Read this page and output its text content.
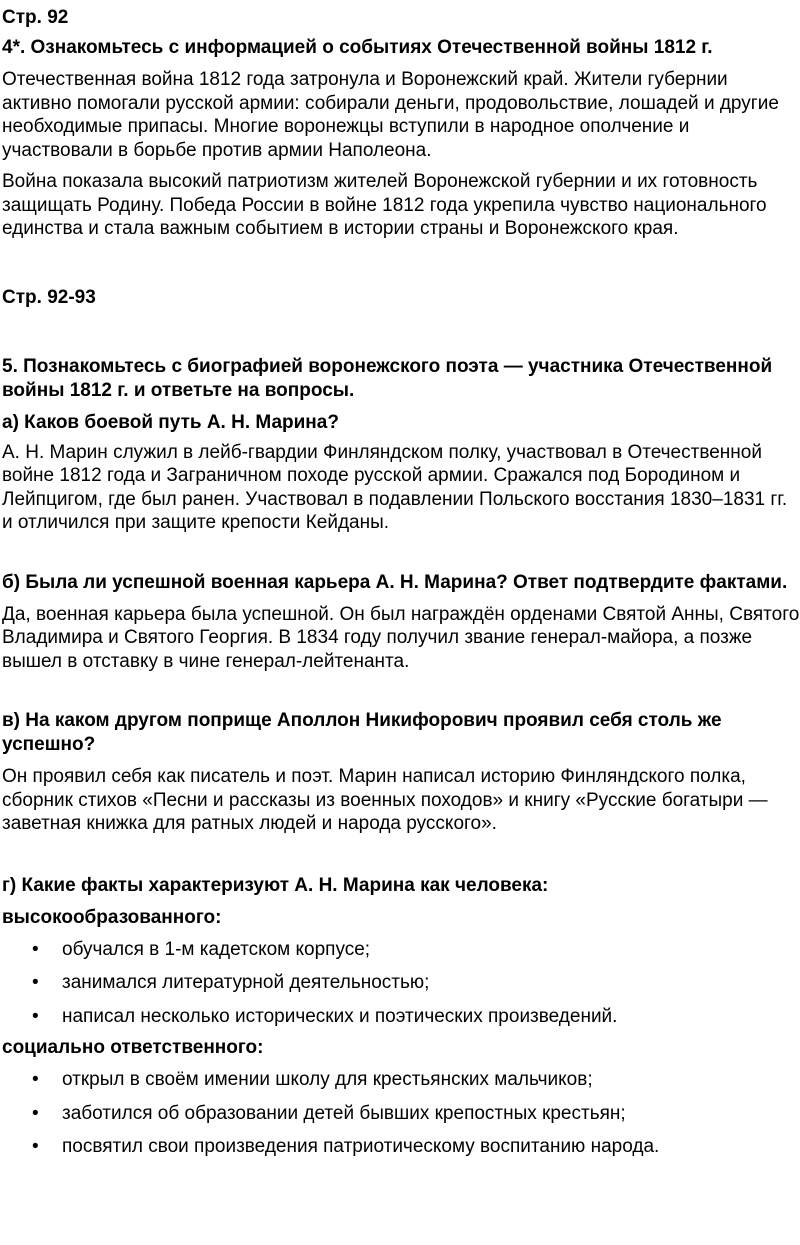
Стр. 92

4*. Ознакомьтесь с информацией о событиях Отечественной войны 1812 г.

Отечественная война 1812 года затронула и Воронежский край. Жители губернии активно помогали русской армии: собирали деньги, продовольствие, лошадей и другие необходимые припасы. Многие воронежцы вступили в народное ополчение и участвовали в борьбе против армии Наполеона.

Война показала высокий патриотизм жителей Воронежской губернии и их готовность защищать Родину. Победа России в войне 1812 года укрепила чувство национального единства и стала важным событием в истории страны и Воронежского края.

Стр. 92-93

5. Познакомьтесь с биографией воронежского поэта — участника Отечественной войны 1812 г. и ответьте на вопросы.

а) Каков боевой путь А. Н. Марина?

А. Н. Марин служил в лейб-гвардии Финляндском полку, участвовал в Отечественной войне 1812 года и Заграничном походе русской армии. Сражался под Бородином и Лейпцигом, где был ранен. Участвовал в подавлении Польского восстания 1830–1831 гг. и отличился при защите крепости Кейданы.

б) Была ли успешной военная карьера А. Н. Марина? Ответ подтвердите фактами.

Да, военная карьера была успешной. Он был награждён орденами Святой Анны, Святого Владимира и Святого Георгия. В 1834 году получил звание генерал-майора, а позже вышел в отставку в чине генерал-лейтенанта.

в) На каком другом поприще Аполлон Никифорович проявил себя столь же успешно?

Он проявил себя как писатель и поэт. Марин написал историю Финляндского полка, сборник стихов «Песни и рассказы из военных походов» и книгу «Русские богатыри — заветная книжка для ратных людей и народа русского».

г) Какие факты характеризуют А. Н. Марина как человека:

высокообразованного:

• обучался в 1-м кадетском корпусе;
• занимался литературной деятельностью;
• написал несколько исторических и поэтических произведений.

социально ответственного:

• открыл в своём имении школу для крестьянских мальчиков;
• заботился об образовании детей бывших крепостных крестьян;
• посвятил свои произведения патриотическому воспитанию народа.
